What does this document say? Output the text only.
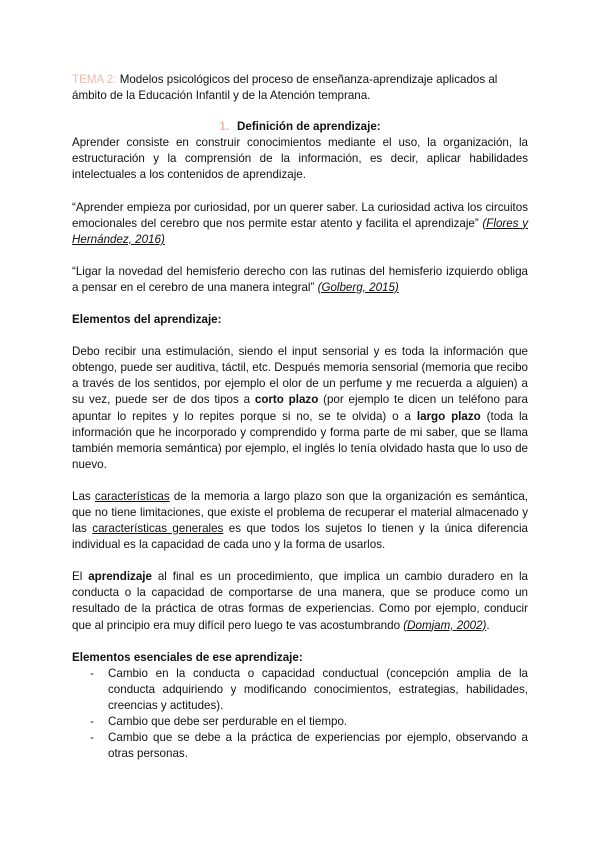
TEMA 2: Modelos psicológicos del proceso de enseñanza-aprendizaje aplicados al ámbito de la Educación Infantil y de la Atención temprana.

1. Definición de aprendizaje:

Aprender consiste en construir conocimientos mediante el uso, la organización, la estructuración y la comprensión de la información, es decir, aplicar habilidades intelectuales a los contenidos de aprendizaje.

“Aprender empieza por curiosidad, por un querer saber. La curiosidad activa los circuitos emocionales del cerebro que nos permite estar atento y facilita el aprendizaje” (Flores y Hernández, 2016)

“Ligar la novedad del hemisferio derecho con las rutinas del hemisferio izquierdo obliga a pensar en el cerebro de una manera integral” (Golberg, 2015)

Elementos del aprendizaje:

Debo recibir una estimulación, siendo el input sensorial y es toda la información que obtengo, puede ser auditiva, táctil, etc. Después memoria sensorial (memoria que recibo a través de los sentidos, por ejemplo el olor de un perfume y me recuerda a alguien) a su vez, puede ser de dos tipos a corto plazo (por ejemplo te dicen un teléfono para apuntar lo repites y lo repites porque si no, se te olvida) o a largo plazo (toda la información que he incorporado y comprendido y forma parte de mi saber, que se llama también memoria semántica) por ejemplo, el inglés lo tenía olvidado hasta que lo uso de nuevo.

Las características de la memoria a largo plazo son que la organización es semántica, que no tiene limitaciones, que existe el problema de recuperar el material almacenado y las características generales es que todos los sujetos lo tienen y la única diferencia individual es la capacidad de cada uno y la forma de usarlos.

El aprendizaje al final es un procedimiento, que implica un cambio duradero en la conducta o la capacidad de comportarse de una manera, que se produce como un resultado de la práctica de otras formas de experiencias. Como por ejemplo, conducir que al principio era muy difícil pero luego te vas acostumbrando (Domjam, 2002).

Elementos esenciales de ese aprendizaje:

- Cambio en la conducta o capacidad conductual (concepción amplia de la conducta adquiriendo y modificando conocimientos, estrategias, habilidades, creencias y actitudes).
- Cambio que debe ser perdurable en el tiempo.
- Cambio que se debe a la práctica de experiencias por ejemplo, observando a otras personas.
